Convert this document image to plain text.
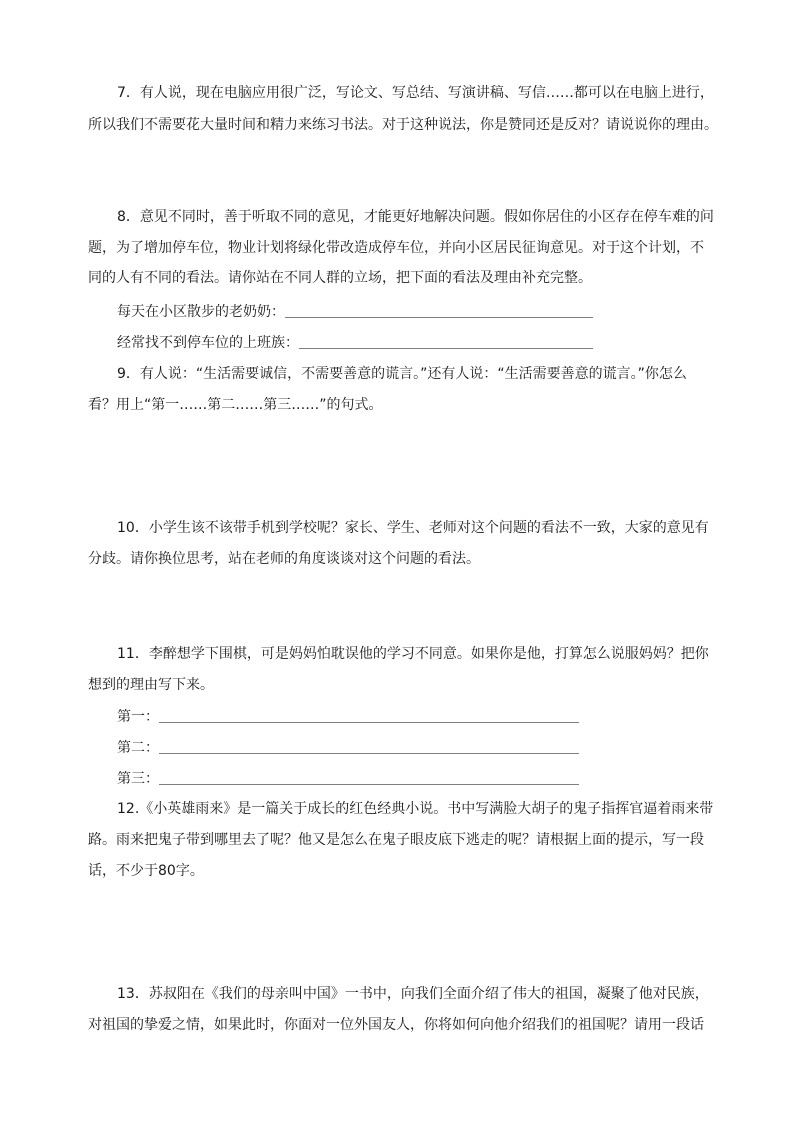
7．有人说，现在电脑应用很广泛，写论文、写总结、写演讲稿、写信……都可以在电脑上进行，
所以我们不需要花大量时间和精力来练习书法。对于这种说法，你是赞同还是反对？请说说你的理由。
8．意见不同时，善于听取不同的意见，才能更好地解决问题。假如你居住的小区存在停车难的问
题，为了增加停车位，物业计划将绿化带改造成停车位，并向小区居民征询意见。对于这个计划，不
同的人有不同的看法。请你站在不同人群的立场，把下面的看法及理由补充完整。
每天在小区散步的老奶奶：＿＿＿＿＿＿＿＿＿＿＿＿＿＿＿＿＿＿＿＿＿＿
经常找不到停车位的上班族：＿＿＿＿＿＿＿＿＿＿＿＿＿＿＿＿＿＿＿＿＿
9．有人说：“生活需要诚信，不需要善意的谎言。”还有人说：“生活需要善意的谎言。”你怎么
看？用上“第一……第二……第三……”的句式。
10．小学生该不该带手机到学校呢？家长、学生、老师对这个问题的看法不一致，大家的意见有
分歧。请你换位思考，站在老师的角度谈谈对这个问题的看法。
11．李醉想学下围棋，可是妈妈怕耽误他的学习不同意。如果你是他，打算怎么说服妈妈？把你
想到的理由写下来。
第一：＿＿＿＿＿＿＿＿＿＿＿＿＿＿＿＿＿＿＿＿＿＿＿＿＿＿＿＿＿＿
第二：＿＿＿＿＿＿＿＿＿＿＿＿＿＿＿＿＿＿＿＿＿＿＿＿＿＿＿＿＿＿
第三：＿＿＿＿＿＿＿＿＿＿＿＿＿＿＿＿＿＿＿＿＿＿＿＿＿＿＿＿＿＿
12.《小英雄雨来》是一篇关于成长的红色经典小说。书中写满脸大胡子的鬼子指挥官逼着雨来带
路。雨来把鬼子带到哪里去了呢？他又是怎么在鬼子眼皮底下逃走的呢？请根据上面的提示，写一段
话，不少于80字。
13．苏叔阳在《我们的母亲叫中国》一书中，向我们全面介绍了伟大的祖国，凝聚了他对民族，
对祖国的挚爱之情，如果此时，你面对一位外国友人，你将如何向他介绍我们的祖国呢？请用一段话
